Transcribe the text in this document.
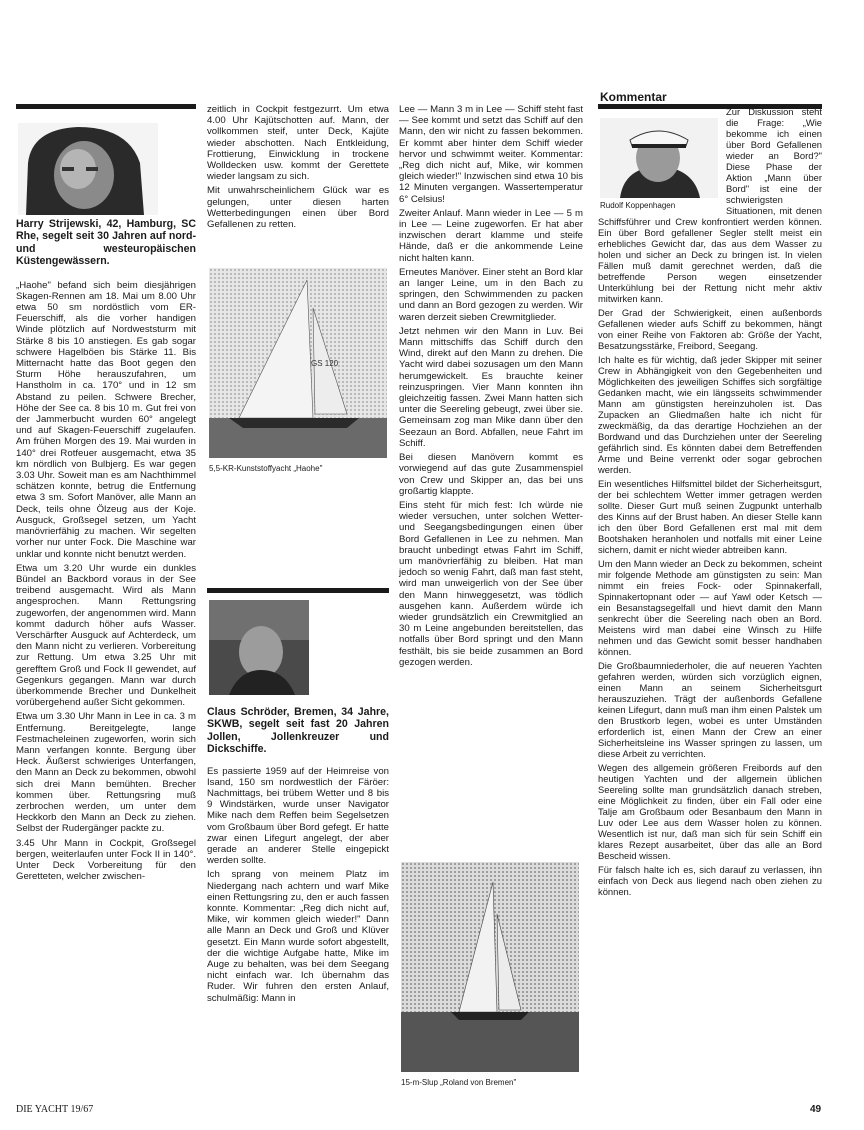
Harry Strijewski, 42, Hamburg, SC Rhe, segelt seit 30 Jahren auf nord- und westeuropäischen Küstengewässern.

„Haohe" befand sich beim diesjährigen Skagen-Rennen am 18. Mai um 8.00 Uhr etwa 50 sm nordöstlich vom ER-Feuerschiff, als die vorher handigen Winde plötzlich auf Nordweststurm mit Stärke 8 bis 10 anstiegen. Es gab sogar schwere Hagelböen bis Stärke 11. Bis Mitternacht hatte das Boot gegen den Sturm Höhe herauszufahren, um Hanstholm in ca. 170° und in 12 sm Abstand zu peilen. Schwere Brecher, Höhe der See ca. 8 bis 10 m. Gut frei von der Jammerbucht wurden 60° angelegt und auf Skagen-Feuerschiff zugelaufen. Am frühen Morgen des 19. Mai wurden in 140° drei Rotfeuer ausgemacht, etwa 35 km nördlich von Bulbjerg. Es war gegen 3.03 Uhr. Soweit man es am Nachthimmel schätzen konnte, betrug die Entfernung etwa 3 sm. Sofort Manöver, alle Mann an Deck, teils ohne Ölzeug aus der Koje. Ausguck, Großsegel setzen, um Yacht manövrierfähig zu machen. Wir segelten vorher nur unter Fock. Die Maschine war unklar und konnte nicht benutzt werden.

Etwa um 3.20 Uhr wurde ein dunkles Bündel an Backbord voraus in der See treibend ausgemacht. Wird als Mann angesprochen. Mann Rettungsring zugeworfen, der angenommen wird. Mann kommt dadurch höher aufs Wasser. Verschärfter Ausguck auf Achterdeck, um den Mann nicht zu verlieren. Vorbereitung zur Rettung. Um etwa 3.25 Uhr mit gerefftem Groß und Fock II gewendet, auf Gegenkurs gegangen. Mann war durch überkommende Brecher und Dunkelheit vorübergehend außer Sicht gekommen.

Etwa um 3.30 Uhr Mann in Lee in ca. 3 m Entfernung. Bereitgelegte, lange Festmacheleinen zugeworfen, worin sich Mann verfangen konnte. Bergung über Heck. Äußerst schwieriges Unterfangen, den Mann an Deck zu bekommen, obwohl sich drei Mann bemühten. Brecher kommen über. Rettungsring muß zerbrochen werden, um unter dem Heckkorb den Mann an Deck zu ziehen. Selbst der Rudergänger packte zu.

3.45 Uhr Mann in Cockpit, Großsegel bergen, weiterlaufen unter Fock II in 140°. Unter Deck Vorbereitung für den Geretteten, welcher zwischen-

zeitlich in Cockpit festgezurrt. Um etwa 4.00 Uhr Kajütschotten auf. Mann, der vollkommen steif, unter Deck, Kajüte wieder abschotten. Nach Entkleidung, Frottierung, Einwicklung in trockene Wolldecken usw. kommt der Gerettete wieder langsam zu sich.

Mit unwahrscheinlichem Glück war es gelungen, unter diesen harten Wetterbedingungen einen über Bord Gefallenen zu retten.

GS 120
5,5-KR-Kunststoffyacht „Haohe"
Claus Schröder, Bremen, 34 Jahre, SKWB, segelt seit fast 20 Jahren Jollen, Jollenkreuzer und Dickschiffe.

Es passierte 1959 auf der Heimreise von Isand, 150 sm nordwestlich der Färöer: Nachmittags, bei trübem Wetter und 8 bis 9 Windstärken, wurde unser Navigator Mike nach dem Reffen beim Segelsetzen vom Großbaum über Bord gefegt. Er hatte zwar einen Lifegurt angelegt, der aber gerade an anderer Stelle eingepickt werden sollte.

Ich sprang von meinem Platz im Niedergang nach achtern und warf Mike einen Rettungsring zu, den er auch fassen konnte. Kommentar: „Reg dich nicht auf, Mike, wir kommen gleich wieder!" Dann alle Mann an Deck und Groß und Klüver gesetzt. Ein Mann wurde sofort abgestellt, der die wichtige Aufgabe hatte, Mike im Auge zu behalten, was bei dem Seegang nicht einfach war. Ich übernahm das Ruder. Wir fuhren den ersten Anlauf, schulmäßig: Mann in

Lee — Mann 3 m in Lee — Schiff steht fast — See kommt und setzt das Schiff auf den Mann, den wir nicht zu fassen bekommen. Er kommt aber hinter dem Schiff wieder hervor und schwimmt weiter. Kommentar: „Reg dich nicht auf, Mike, wir kommen gleich wieder!" Inzwischen sind etwa 10 bis 12 Minuten vergangen. Wassertemperatur 6° Celsius!

Zweiter Anlauf. Mann wieder in Lee — 5 m in Lee — Leine zugeworfen. Er hat aber inzwischen derart klamme und steife Hände, daß er die ankommende Leine nicht halten kann.

Erneutes Manöver. Einer steht an Bord klar an langer Leine, um in den Bach zu springen, den Schwimmenden zu packen und dann an Bord gezogen zu werden. Wir waren derzeit sieben Crewmitglieder.

Jetzt nehmen wir den Mann in Luv. Bei Mann mittschiffs das Schiff durch den Wind, direkt auf den Mann zu drehen. Die Yacht wird dabei sozusagen um den Mann herumgewickelt. Es brauchte keiner reinzuspringen. Vier Mann konnten ihn gleichzeitig fassen. Zwei Mann hatten sich unter die Seereling gebeugt, zwei über sie. Gemeinsam zog man Mike dann über den Seezaun an Bord. Abfallen, neue Fahrt im Schiff.

Bei diesen Manövern kommt es vorwiegend auf das gute Zusammenspiel von Crew und Skipper an, das bei uns großartig klappte.

Eins steht für mich fest: Ich würde nie wieder versuchen, unter solchen Wetter- und Seegangsbedingungen einen über Bord Gefallenen in Lee zu nehmen. Man braucht unbedingt etwas Fahrt im Schiff, um manövrierfähig zu bleiben. Hat man jedoch so wenig Fahrt, daß man fast steht, wird man unweigerlich von der See über den Mann hinweggesetzt, was tödlich ausgehen kann. Außerdem würde ich wieder grundsätzlich ein Crewmitglied an 30 m Leine angebunden bereitstellen, das notfalls über Bord springt und den Mann festhält, bis sie beide zusammen an Bord gezogen werden.

15-m-Slup „Roland von Bremen"
Kommentar
Rudolf Koppenhagen

Zur Diskussion steht die Frage: „Wie bekomme ich einen über Bord Gefallenen wieder an Bord?" Diese Phase der Aktion „Mann über Bord" ist eine der schwierigsten Situationen, mit denen Schiffsführer und Crew konfrontiert werden können. Ein über Bord gefallener Segler stellt meist ein erhebliches Gewicht dar, das aus dem Wasser zu holen und sicher an Deck zu bringen ist. In vielen Fällen muß damit gerechnet werden, daß die betreffende Person wegen einsetzender Unterkühlung bei der Rettung nicht mehr aktiv mitwirken kann.

Der Grad der Schwierigkeit, einen außenbords Gefallenen wieder aufs Schiff zu bekommen, hängt von einer Reihe von Faktoren ab: Größe der Yacht, Besatzungsstärke, Freibord, Seegang.

Ich halte es für wichtig, daß jeder Skipper mit seiner Crew in Abhängigkeit von den Gegebenheiten und Möglichkeiten des jeweiligen Schiffes sich sorgfältige Gedanken macht, wie ein längsseits schwimmender Mann am günstigsten hereinzuholen ist. Das Zupacken an Gliedmaßen halte ich nicht für zweckmäßig, da das derartige Hochziehen an der Bordwand und das Durchziehen unter der Seereling gefährlich sind. Es könnten dabei dem Betreffenden Arme und Beine verrenkt oder sogar gebrochen werden.

Ein wesentliches Hilfsmittel bildet der Sicherheitsgurt, der bei schlechtem Wetter immer getragen werden sollte. Dieser Gurt muß seinen Zugpunkt unterhalb des Kinns auf der Brust haben. An dieser Stelle kann ich den über Bord Gefallenen erst mal mit dem Bootshaken heranholen und notfalls mit einer Leine sichern, damit er nicht wieder abtreiben kann.

Um den Mann wieder an Deck zu bekommen, scheint mir folgende Methode am günstigsten zu sein: Man nimmt ein freies Fock- oder Spinnakerfall, Spinnakertopnant oder — auf Yawl oder Ketsch — ein Besanstagsegelfall und hievt damit den Mann senkrecht über die Seereling nach oben an Bord. Meistens wird man dabei eine Winsch zu Hilfe nehmen und das Gewicht somit besser handhaben können.

Die Großbaumniederholer, die auf neueren Yachten gefahren werden, würden sich vorzüglich eignen, einen Mann an seinem Sicherheitsgurt herauszuziehen. Trägt der außenbords Gefallene keinen Lifegurt, dann muß man ihm einen Palstek um den Brustkorb legen, wobei es unter Umständen erforderlich ist, einen Mann der Crew an einer Sicherheitsleine ins Wasser springen zu lassen, um diese Arbeit zu verrichten.

Wegen des allgemein größeren Freibords auf den heutigen Yachten und der allgemein üblichen Seereling sollte man grundsätzlich danach streben, eine Möglichkeit zu finden, über ein Fall oder eine Talje am Großbaum oder Besanbaum den Mann in Luv oder Lee aus dem Wasser holen zu können. Wesentlich ist nur, daß man sich für sein Schiff ein klares Rezept ausarbeitet, über das alle an Bord Bescheid wissen.

Für falsch halte ich es, sich darauf zu verlassen, ihn einfach von Deck aus liegend nach oben ziehen zu können.

DIE YACHT 19/67	49
